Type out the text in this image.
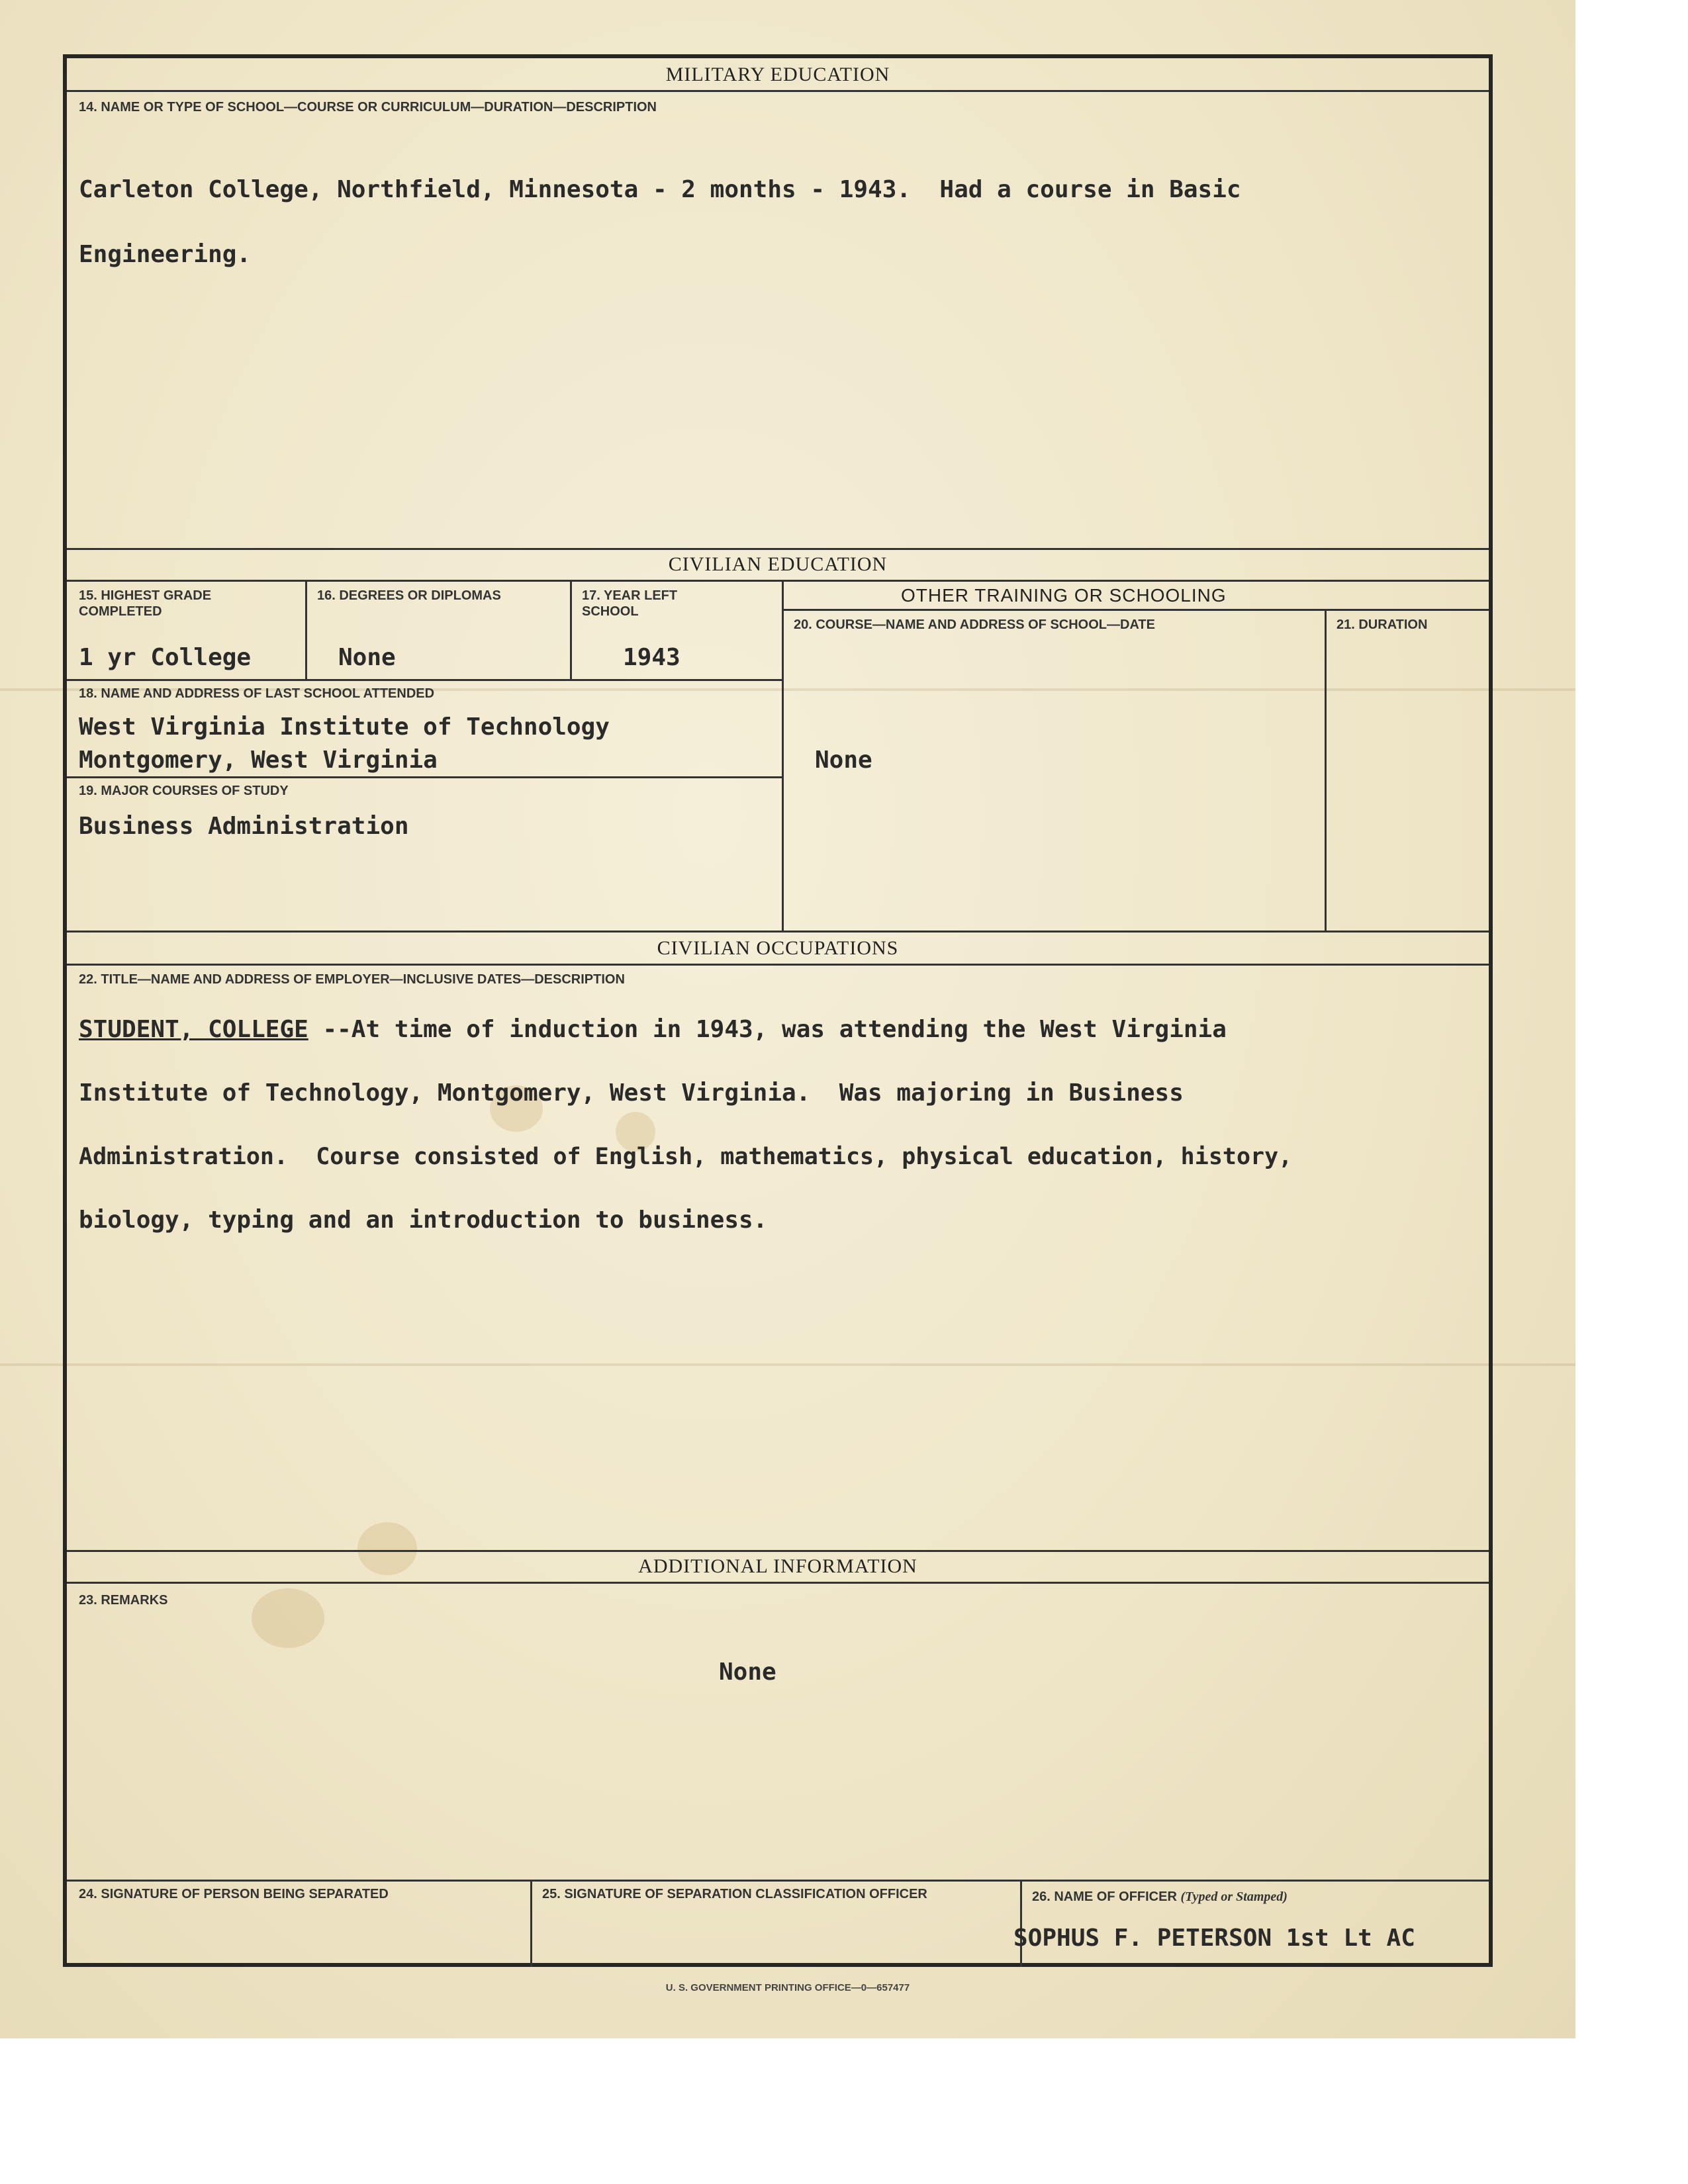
MILITARY EDUCATION
14. NAME OR TYPE OF SCHOOL—COURSE OR CURRICULUM—DURATION—DESCRIPTION
Carleton College, Northfield, Minnesota - 2 months - 1943.  Had a course in Basic
Engineering.
CIVILIAN EDUCATION
15. HIGHEST GRADE COMPLETED
16. DEGREES OR DIPLOMAS	17. YEAR LEFT SCHOOL
1 yr College	None	1943
18. NAME AND ADDRESS OF LAST SCHOOL ATTENDED
West Virginia Institute of Technology
Montgomery, West Virginia
19. MAJOR COURSES OF STUDY
Business Administration
OTHER TRAINING OR SCHOOLING
20. COURSE—NAME AND ADDRESS OF SCHOOL—DATE	21. DURATION
None
CIVILIAN OCCUPATIONS
22. TITLE—NAME AND ADDRESS OF EMPLOYER—INCLUSIVE DATES—DESCRIPTION
STUDENT, COLLEGE --At time of induction in 1943, was attending the West Virginia
Institute of Technology, Montgomery, West Virginia.  Was majoring in Business
Administration.  Course consisted of English, mathematics, physical education, history,
biology, typing and an introduction to business.
ADDITIONAL INFORMATION
23. REMARKS
None
24. SIGNATURE OF PERSON BEING SEPARATED	25. SIGNATURE OF SEPARATION CLASSIFICATION OFFICER	26. NAME OF OFFICER (Typed or Stamped)
SOPHUS F. PETERSON 1st Lt AC
U. S. GOVERNMENT PRINTING OFFICE—0—657477
